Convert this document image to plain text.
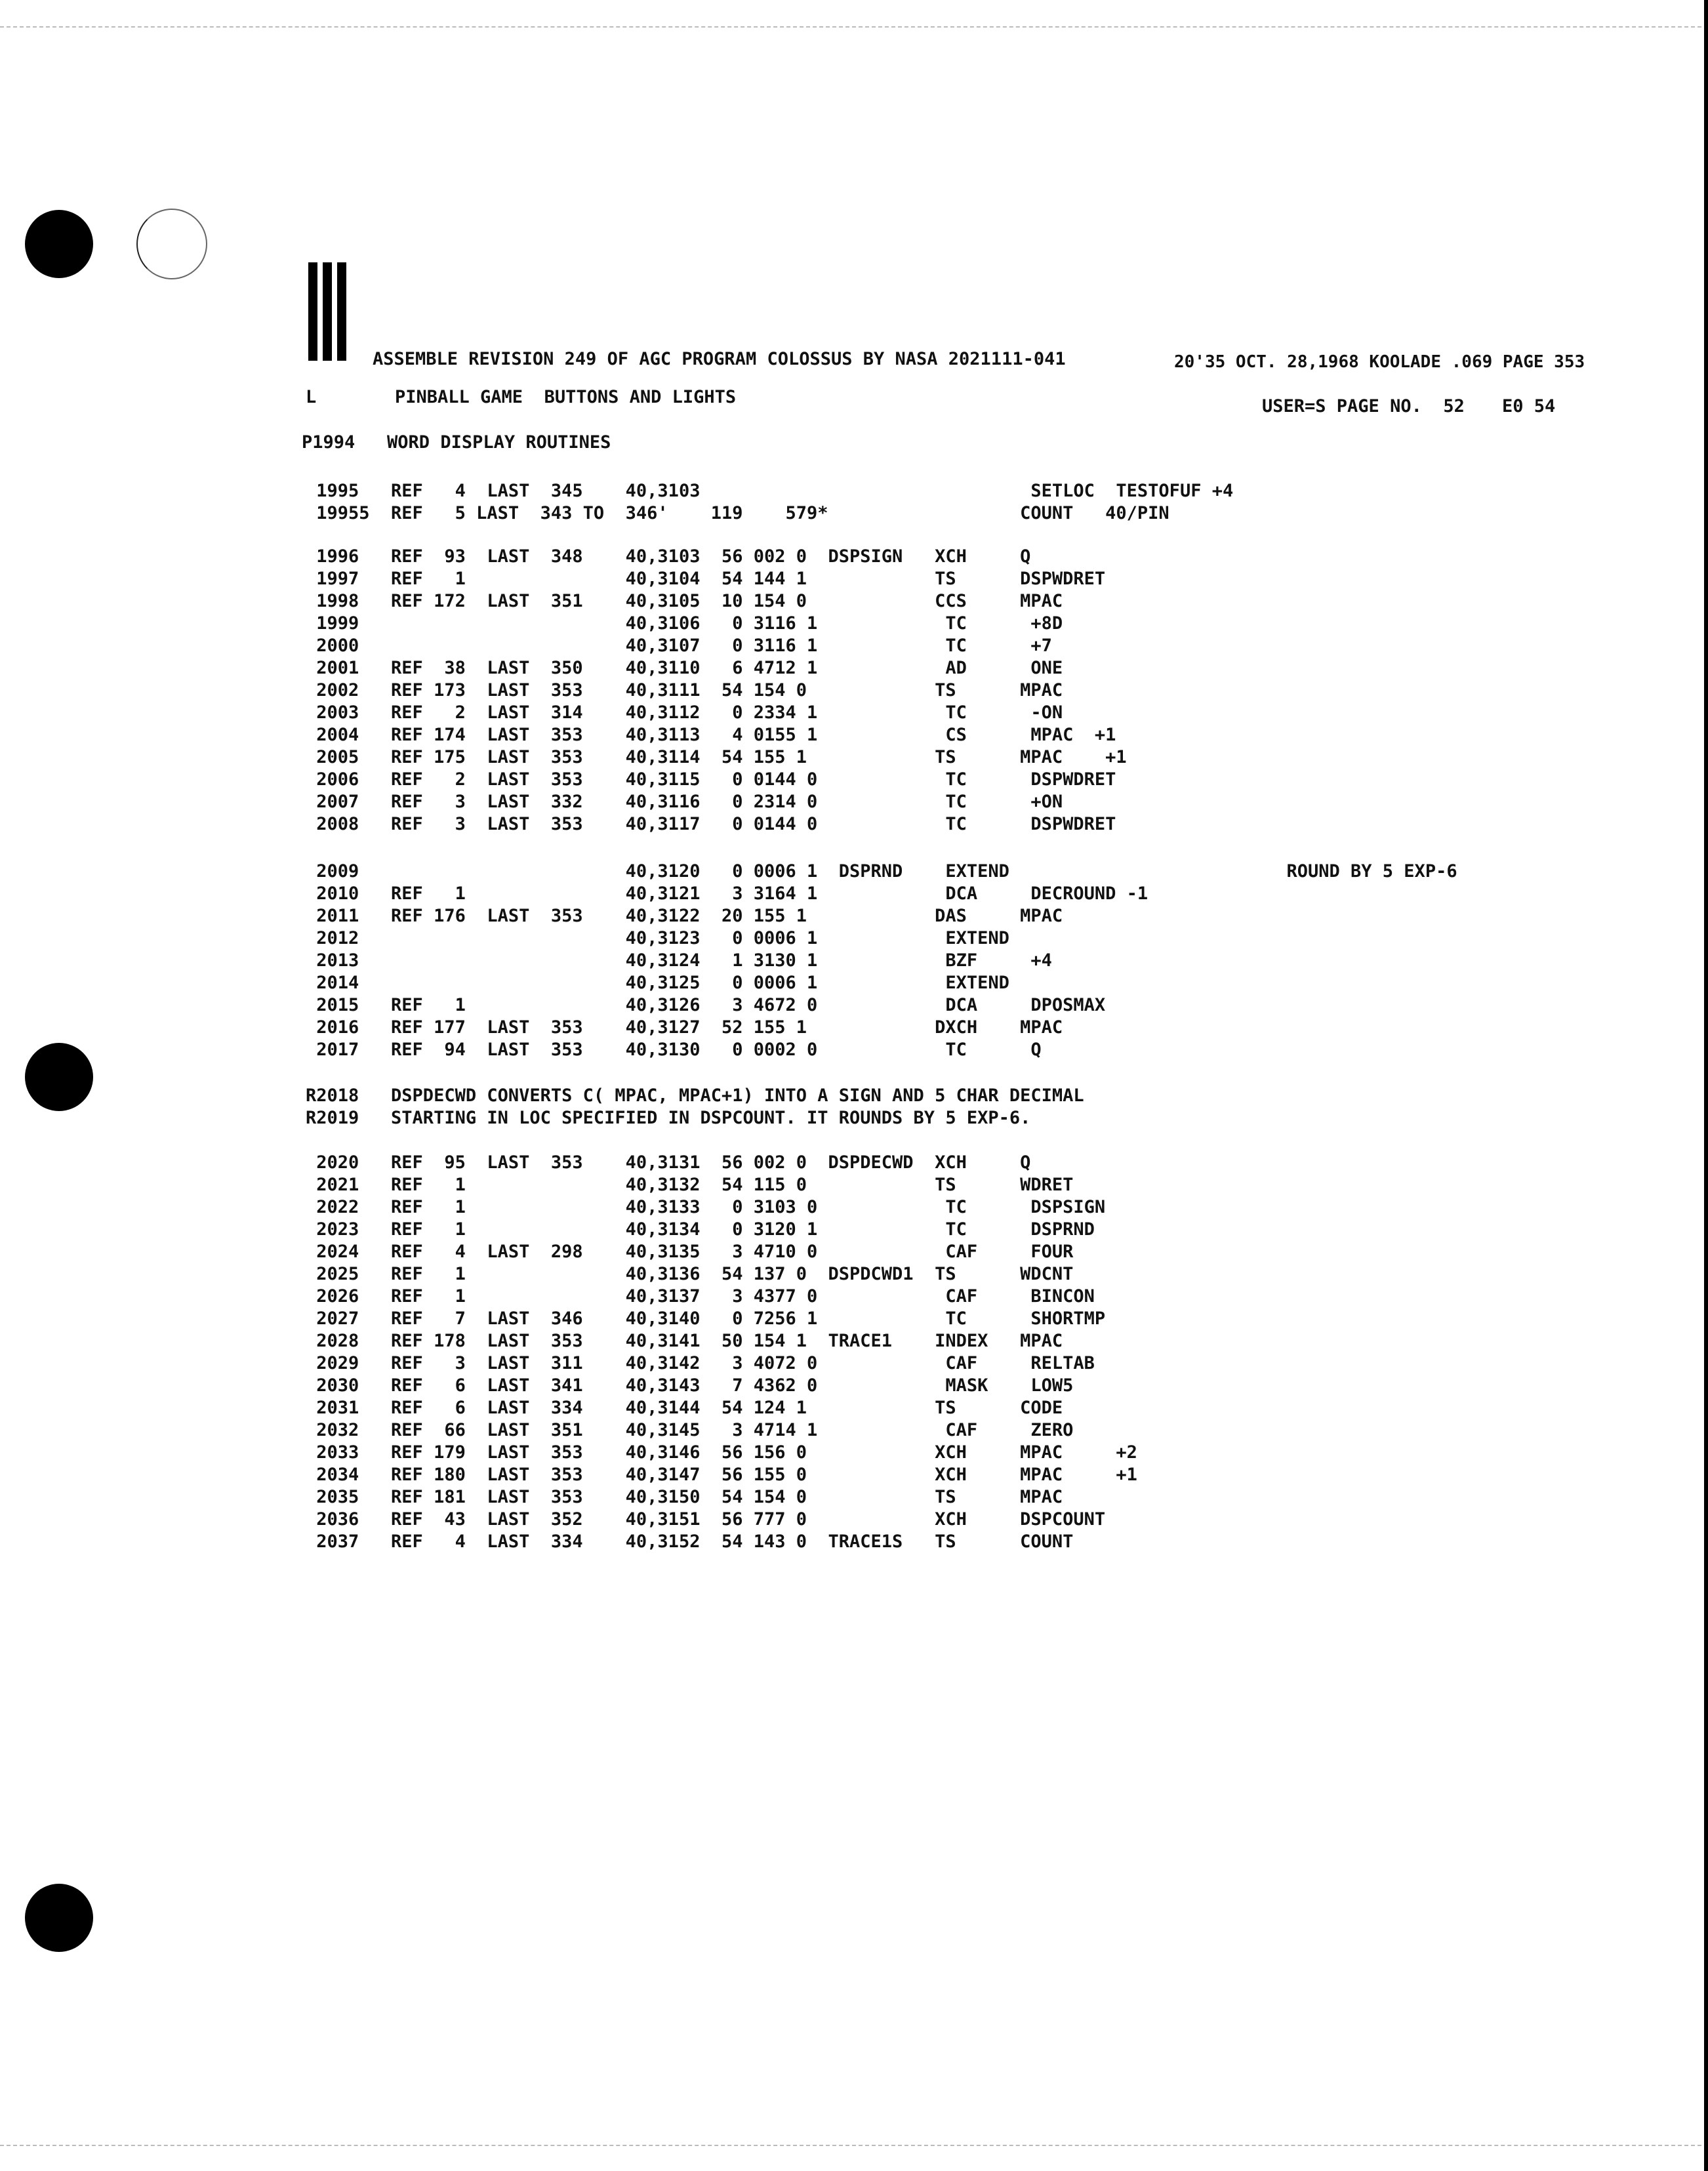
ASSEMBLE REVISION 249 OF AGC PROGRAM COLOSSUS BY NASA 2021111-041	20'35 OCT. 28,1968 KOOLADE .069 PAGE 353
L	PINBALL GAME  BUTTONS AND LIGHTS	USER=S PAGE NO.  52 E0 54
P1994   WORD DISPLAY ROUTINES
1995   REF   4  LAST  345    40,3103                               SETLOC  TESTOFUF +4
19955  REF   5 LAST  343 TO  346'    119    579*                  COUNT   40/PIN
1996   REF  93  LAST  348    40,3103  56 002 0  DSPSIGN   XCH     Q
1997   REF   1               40,3104  54 144 1            TS      DSPWDRET
1998   REF 172  LAST  351    40,3105  10 154 0            CCS     MPAC
1999                         40,3106   0 3116 1            TC      +8D
2000                         40,3107   0 3116 1            TC      +7
2001   REF  38  LAST  350    40,3110   6 4712 1            AD      ONE
2002   REF 173  LAST  353    40,3111  54 154 0            TS      MPAC
2003   REF   2  LAST  314    40,3112   0 2334 1            TC      -ON
2004   REF 174  LAST  353    40,3113   4 0155 1            CS      MPAC  +1
2005   REF 175  LAST  353    40,3114  54 155 1            TS      MPAC    +1
2006   REF   2  LAST  353    40,3115   0 0144 0            TC      DSPWDRET
2007   REF   3  LAST  332    40,3116   0 2314 0            TC      +ON
2008   REF   3  LAST  353    40,3117   0 0144 0            TC      DSPWDRET
2009                         40,3120   0 0006 1  DSPRND    EXTEND                          ROUND BY 5 EXP-6
2010   REF   1               40,3121   3 3164 1            DCA     DECROUND -1
2011   REF 176  LAST  353    40,3122  20 155 1            DAS     MPAC
2012                         40,3123   0 0006 1            EXTEND
2013                         40,3124   1 3130 1            BZF     +4
2014                         40,3125   0 0006 1            EXTEND
2015   REF   1               40,3126   3 4672 0            DCA     DPOSMAX
2016   REF 177  LAST  353    40,3127  52 155 1            DXCH    MPAC
2017   REF  94  LAST  353    40,3130   0 0002 0            TC      Q
R2018   DSPDECWD CONVERTS C( MPAC, MPAC+1) INTO A SIGN AND 5 CHAR DECIMAL
R2019   STARTING IN LOC SPECIFIED IN DSPCOUNT. IT ROUNDS BY 5 EXP-6.
2020   REF  95  LAST  353    40,3131  56 002 0  DSPDECWD  XCH     Q
2021   REF   1               40,3132  54 115 0            TS      WDRET
2022   REF   1               40,3133   0 3103 0            TC      DSPSIGN
2023   REF   1               40,3134   0 3120 1            TC      DSPRND
2024   REF   4  LAST  298    40,3135   3 4710 0            CAF     FOUR
2025   REF   1               40,3136  54 137 0  DSPDCWD1  TS      WDCNT
2026   REF   1               40,3137   3 4377 0            CAF     BINCON
2027   REF   7  LAST  346    40,3140   0 7256 1            TC      SHORTMP
2028   REF 178  LAST  353    40,3141  50 154 1  TRACE1    INDEX   MPAC
2029   REF   3  LAST  311    40,3142   3 4072 0            CAF     RELTAB
2030   REF   6  LAST  341    40,3143   7 4362 0            MASK    LOW5
2031   REF   6  LAST  334    40,3144  54 124 1            TS      CODE
2032   REF  66  LAST  351    40,3145   3 4714 1            CAF     ZERO
2033   REF 179  LAST  353    40,3146  56 156 0            XCH     MPAC     +2
2034   REF 180  LAST  353    40,3147  56 155 0            XCH     MPAC     +1
2035   REF 181  LAST  353    40,3150  54 154 0            TS      MPAC
2036   REF  43  LAST  352    40,3151  56 777 0            XCH     DSPCOUNT
2037   REF   4  LAST  334    40,3152  54 143 0  TRACE1S   TS      COUNT
